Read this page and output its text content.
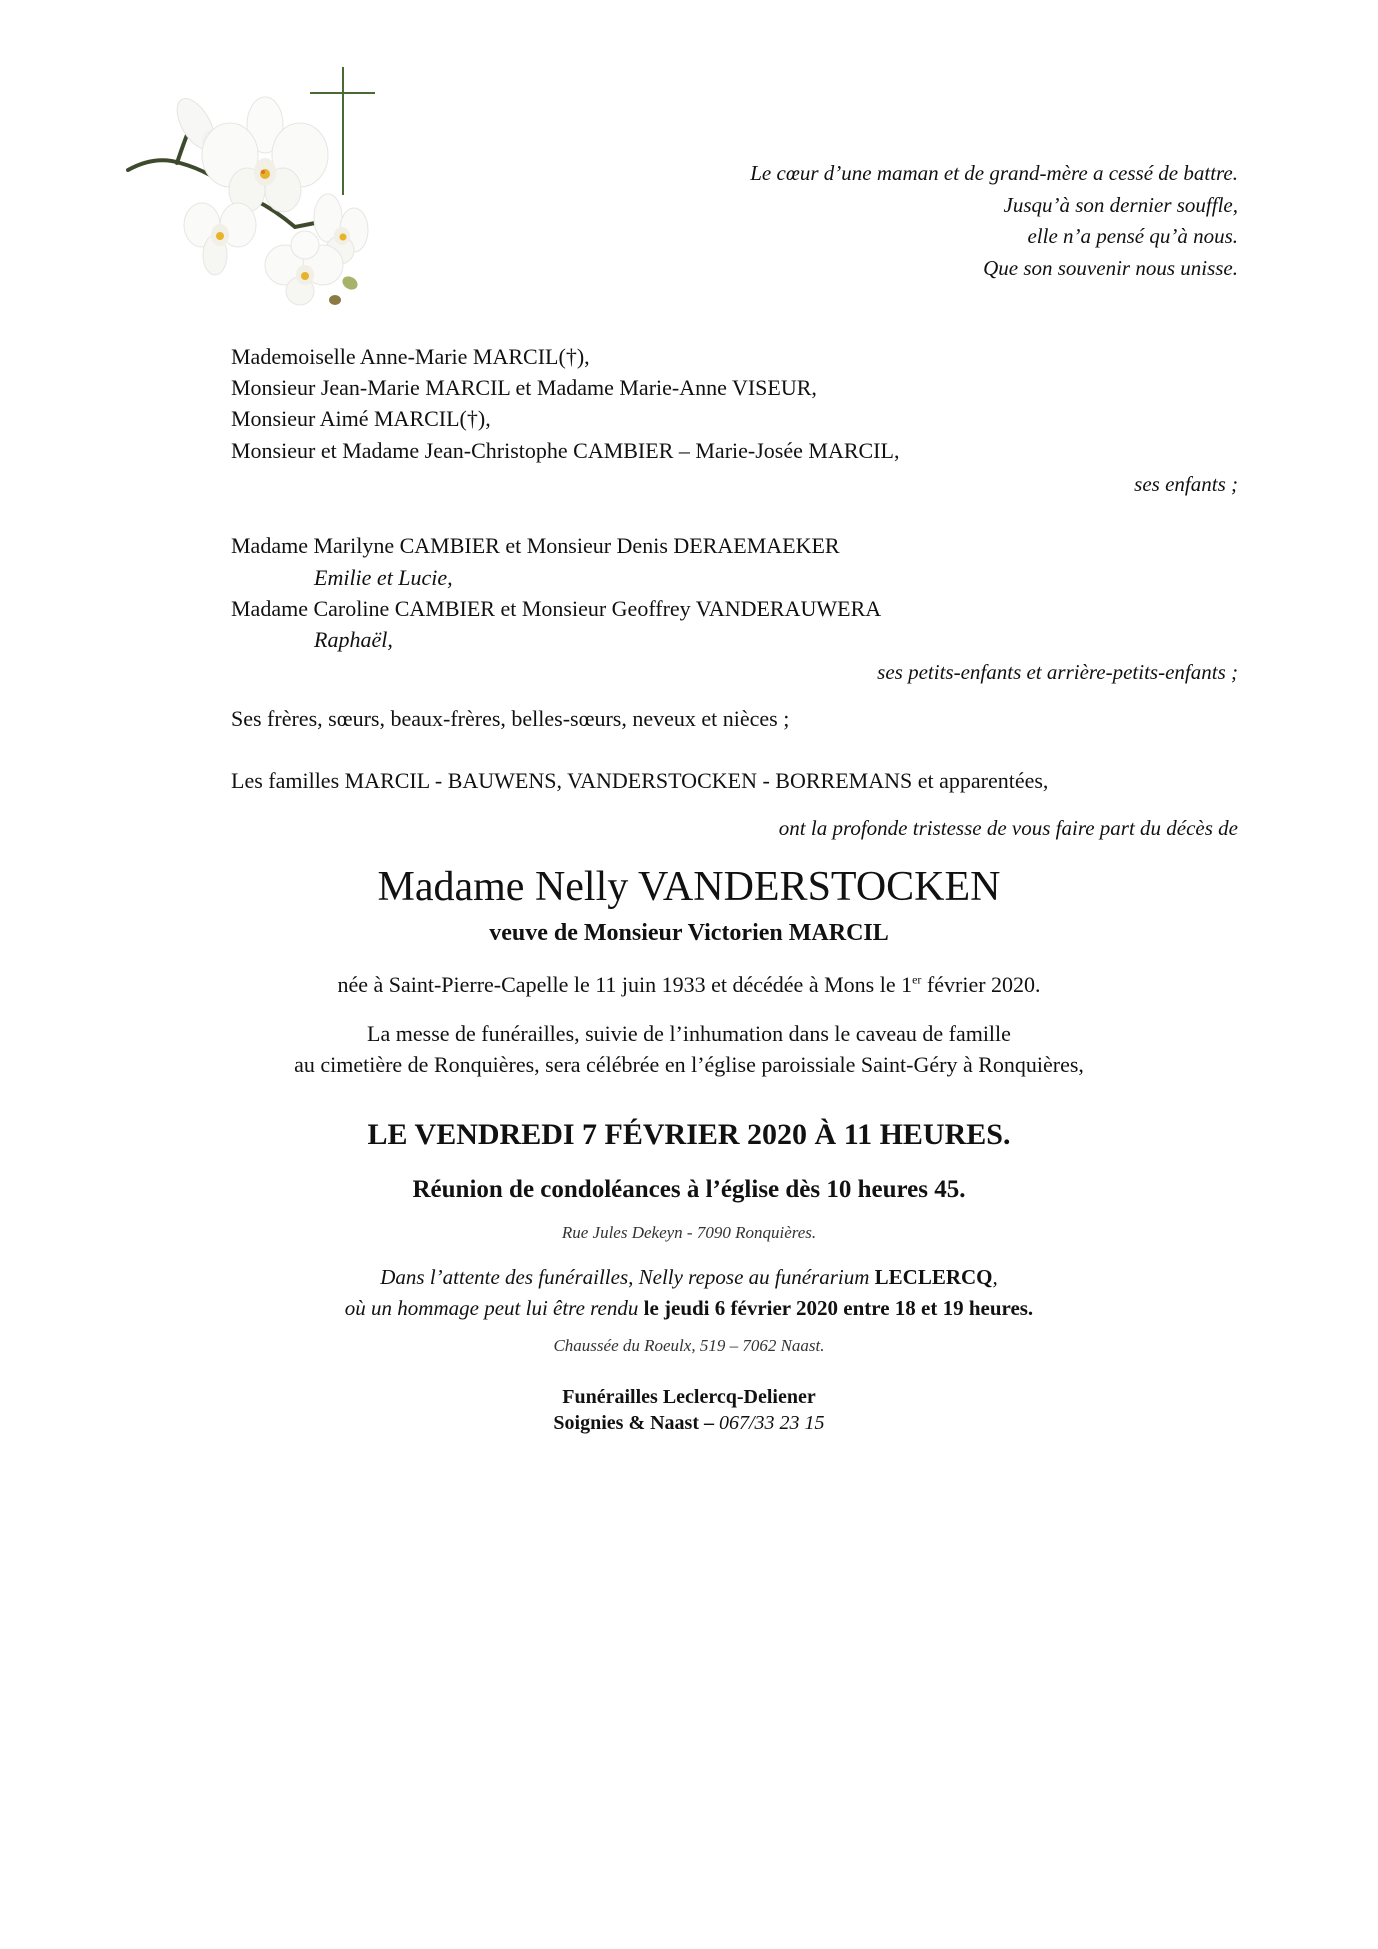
Le cœur d’une maman et de grand-mère a cessé de battre.
Jusqu’à son dernier souffle,
elle n’a pensé qu’à nous.
Que son souvenir nous unisse.
Mademoiselle Anne-Marie MARCIL(†),
Monsieur Jean-Marie MARCIL et Madame Marie-Anne VISEUR,
Monsieur Aimé MARCIL(†),
Monsieur et Madame Jean-Christophe CAMBIER – Marie-Josée MARCIL,
ses enfants ;
Madame Marilyne CAMBIER et Monsieur Denis DERAEMAEKER
Emilie et Lucie,
Madame Caroline CAMBIER et Monsieur Geoffrey VANDERAUWERA
Raphaël,
ses petits-enfants et arrière-petits-enfants ;
Ses frères, sœurs, beaux-frères, belles-sœurs, neveux et nièces ;
Les familles MARCIL - BAUWENS, VANDERSTOCKEN - BORREMANS et apparentées,
ont la profonde tristesse de vous faire part du décès de
Madame Nelly VANDERSTOCKEN
veuve de Monsieur Victorien MARCIL
née à Saint-Pierre-Capelle le 11 juin 1933 et décédée à Mons le 1er février 2020.
La messe de funérailles, suivie de l’inhumation dans le caveau de famille
au cimetière de Ronquières, sera célébrée en l’église paroissiale Saint-Géry à Ronquières,
LE VENDREDI 7 FÉVRIER 2020 À 11 HEURES.
Réunion de condoléances à l’église dès 10 heures 45.
Rue Jules Dekeyn - 7090 Ronquières.
Dans l’attente des funérailles, Nelly repose au funérarium LECLERCQ,
où un hommage peut lui être rendu le jeudi 6 février 2020 entre 18 et 19 heures.
Chaussée du Roeulx, 519 – 7062 Naast.
Funérailles Leclercq-Deliener
Soignies & Naast – 067/33 23 15
